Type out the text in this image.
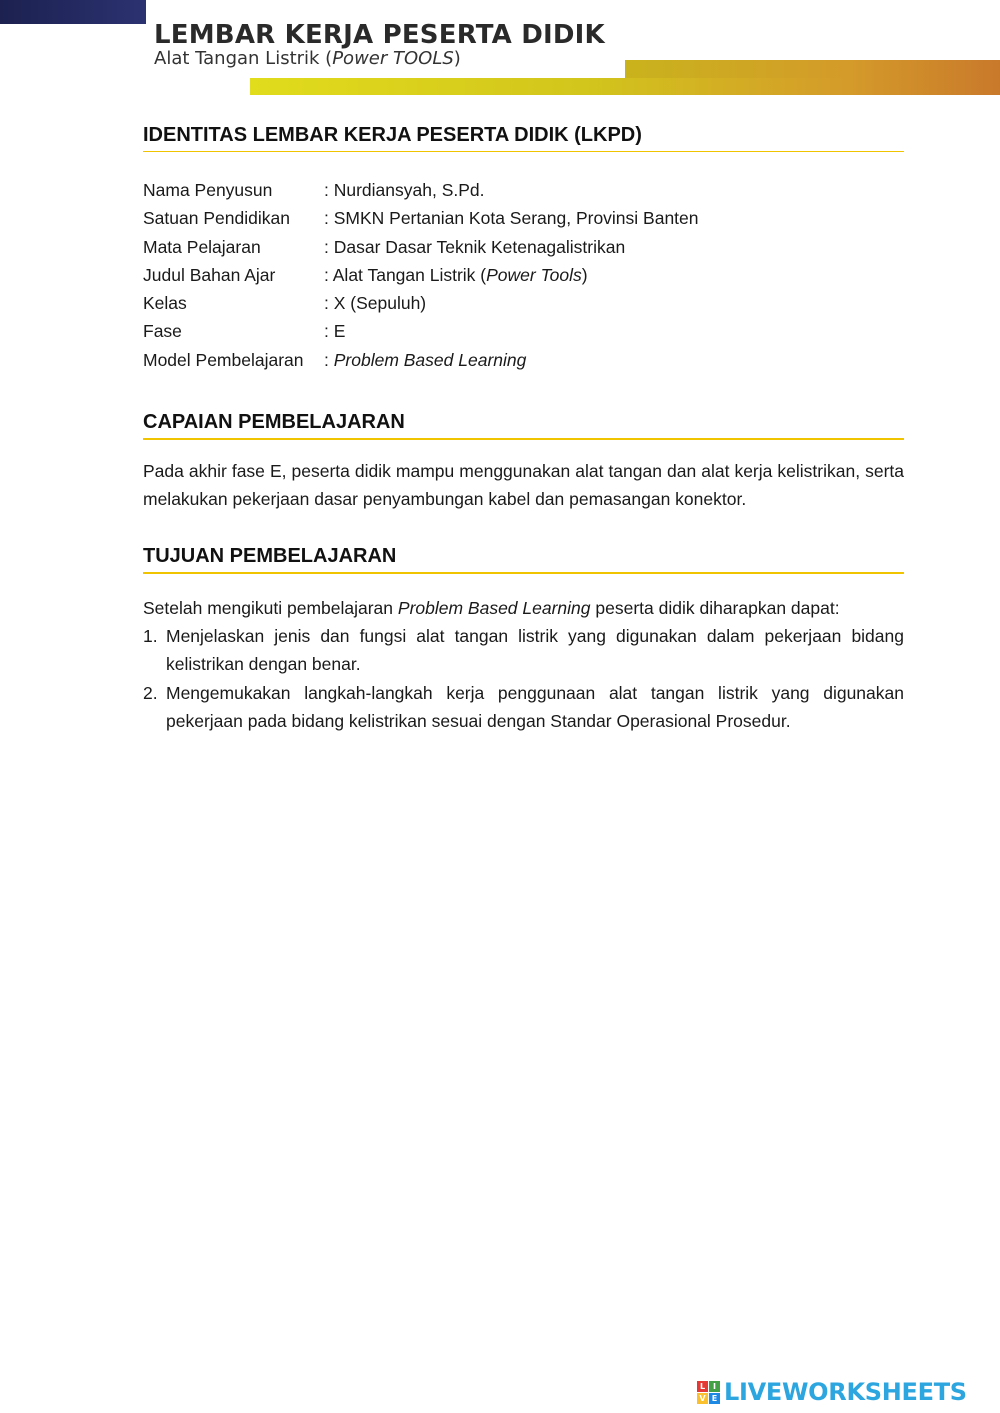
LEMBAR KERJA PESERTA DIDIK
Alat Tangan Listrik (Power TOOLS)
IDENTITAS LEMBAR KERJA PESERTA DIDIK (LKPD)
Nama Penyusun	: Nurdiansyah, S.Pd.
Satuan Pendidikan	: SMKN Pertanian Kota Serang, Provinsi Banten
Mata Pelajaran	: Dasar Dasar Teknik Ketenagalistrikan
Judul Bahan Ajar	: Alat Tangan Listrik (Power Tools)
Kelas	: X (Sepuluh)
Fase	: E
Model Pembelajaran	: Problem Based Learning
CAPAIAN PEMBELAJARAN

Pada akhir fase E, peserta didik mampu menggunakan alat tangan dan alat kerja kelistrikan, serta melakukan pekerjaan dasar penyambungan kabel dan pemasangan konektor.

TUJUAN PEMBELAJARAN

Setelah mengikuti pembelajaran Problem Based Learning peserta didik diharapkan dapat:

1. Menjelaskan jenis dan fungsi alat tangan listrik yang digunakan dalam pekerjaan bidang kelistrikan dengan benar.
2. Mengemukakan langkah-langkah kerja penggunaan alat tangan listrik yang digunakan pekerjaan pada bidang kelistrikan sesuai dengan Standar Operasional Prosedur.
L I
V E LIVEWORKSHEETS
